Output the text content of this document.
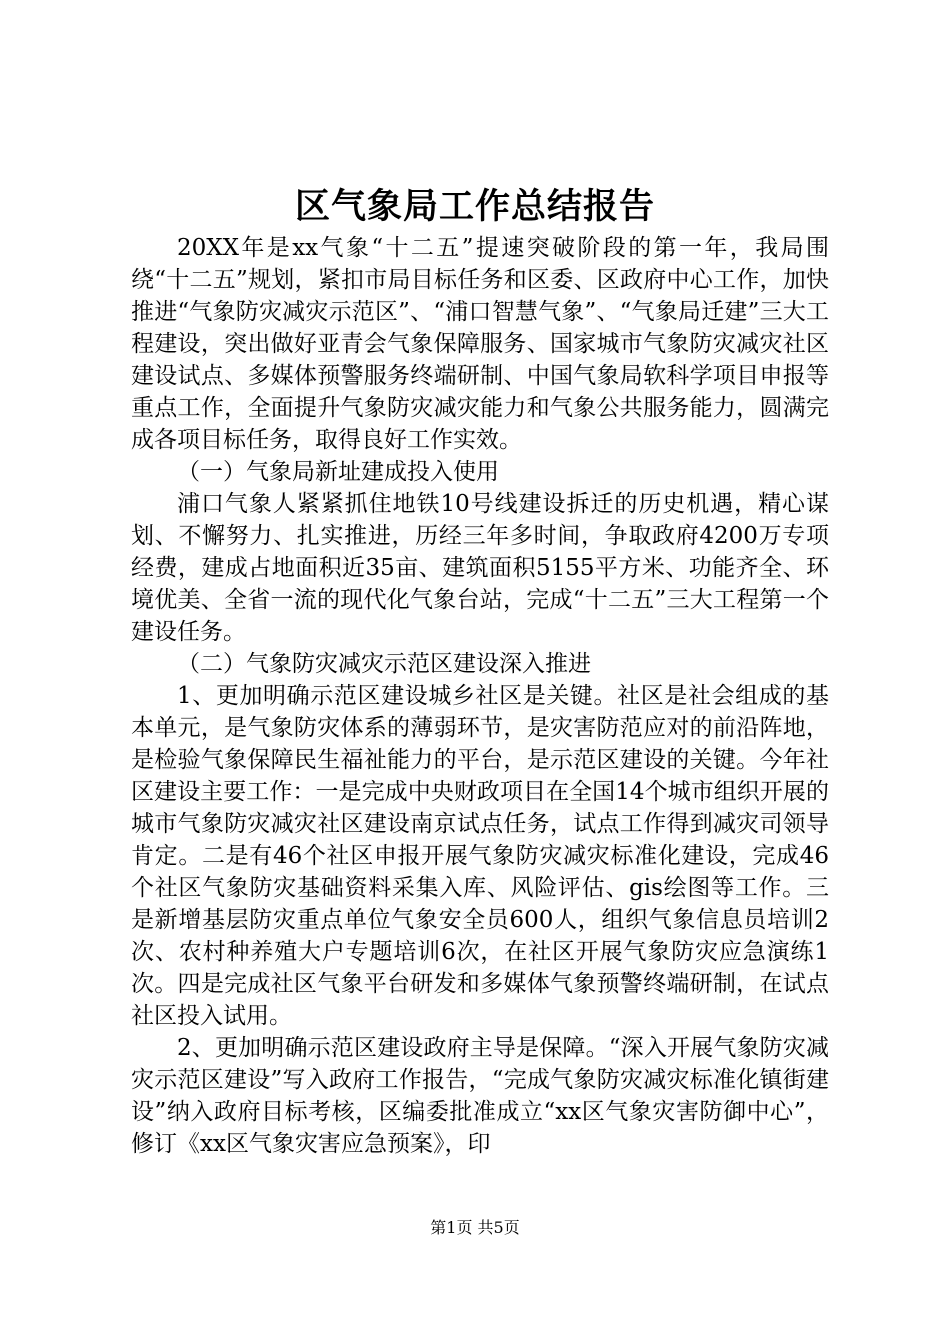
区气象局工作总结报告

20XX年是xx气象“十二五”提速突破阶段的第一年，我局围绕“十二五”规划，紧扣市局目标任务和区委、区政府中心工作，加快推进“气象防灾减灾示范区”、“浦口智慧气象”、“气象局迁建”三大工程建设，突出做好亚青会气象保障服务、国家城市气象防灾减灾社区建设试点、多媒体预警服务终端研制、中国气象局软科学项目申报等重点工作，全面提升气象防灾减灾能力和气象公共服务能力，圆满完成各项目标任务，取得良好工作实效。

（一）气象局新址建成投入使用

浦口气象人紧紧抓住地铁10号线建设拆迁的历史机遇，精心谋划、不懈努力、扎实推进，历经三年多时间，争取政府4200万专项经费，建成占地面积近35亩、建筑面积5155平方米、功能齐全、环境优美、全省一流的现代化气象台站，完成“十二五”三大工程第一个建设任务。

（二）气象防灾减灾示范区建设深入推进

1、更加明确示范区建设城乡社区是关键。社区是社会组成的基本单元，是气象防灾体系的薄弱环节，是灾害防范应对的前沿阵地，是检验气象保障民生福祉能力的平台，是示范区建设的关键。今年社区建设主要工作：一是完成中央财政项目在全国14个城市组织开展的城市气象防灾减灾社区建设南京试点任务，试点工作得到减灾司领导肯定。二是有46个社区申报开展气象防灾减灾标准化建设，完成46个社区气象防灾基础资料采集入库、风险评估、gis绘图等工作。三是新增基层防灾重点单位气象安全员600人，组织气象信息员培训2次、农村种养殖大户专题培训6次，在社区开展气象防灾应急演练1次。四是完成社区气象平台研发和多媒体气象预警终端研制，在试点社区投入试用。

2、更加明确示范区建设政府主导是保障。“深入开展气象防灾减灾示范区建设”写入政府工作报告，“完成气象防灾减灾标准化镇街建设”纳入政府目标考核，区编委批准成立“xx区气象灾害防御中心”，修订《xx区气象灾害应急预案》，印

第1页 共5页
